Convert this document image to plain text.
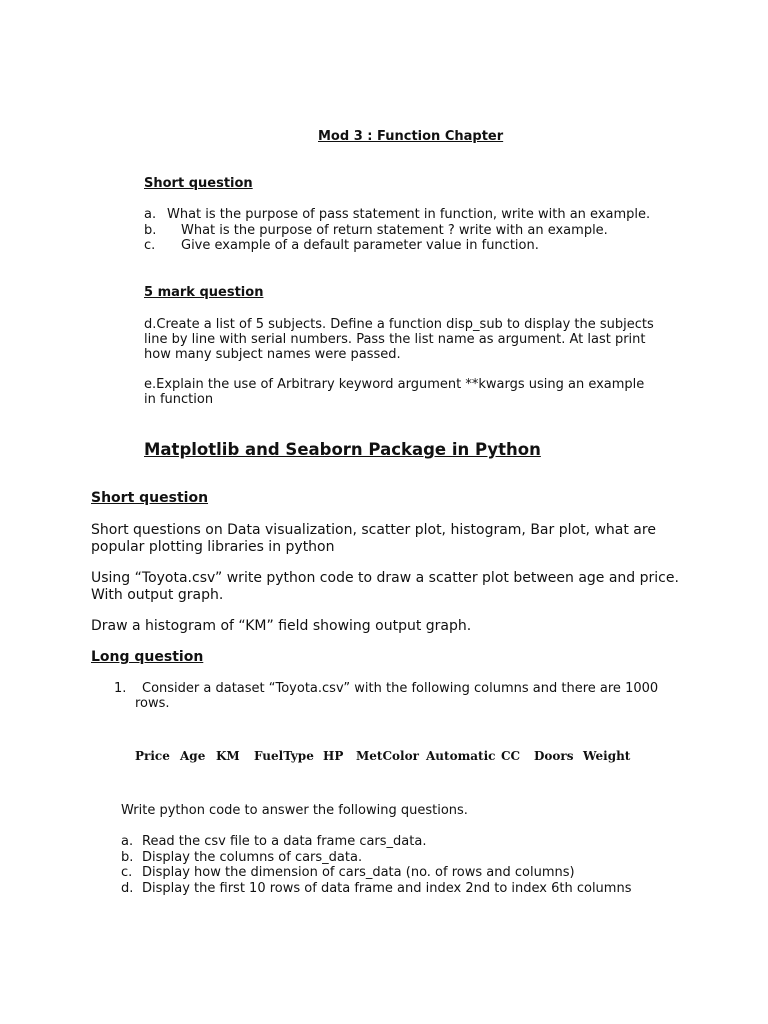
Mod 3 : Function Chapter
Short question
a. What is the purpose of pass statement in function, write with an example.
b. What is the purpose of return statement ? write with an example.
c. Give example of a default parameter value in function.
5 mark question
d.Create a list of 5 subjects. Define a function disp_sub to display the subjects
line by line with serial numbers. Pass the list name as argument. At last print
how many subject names were passed.
e.Explain the use of Arbitrary keyword argument **kwargs using an example
in function
Matplotlib and Seaborn Package in Python
Short question
Short questions on Data visualization, scatter plot, histogram, Bar plot, what are
popular plotting libraries in python
Using “Toyota.csv” write python code to draw a scatter plot between age and price.
With output graph.
Draw a histogram of “KM” field showing output graph.
Long question
1. Consider a dataset “Toyota.csv” with the following columns and there are 1000
rows.
Price Age KM FuelType HP MetColor Automatic CC Doors Weight
Write python code to answer the following questions.
a. Read the csv file to a data frame cars_data.
b. Display the columns of cars_data.
c. Display how the dimension of cars_data (no. of rows and columns)
d. Display the first 10 rows of data frame and index 2nd to index 6th columns
